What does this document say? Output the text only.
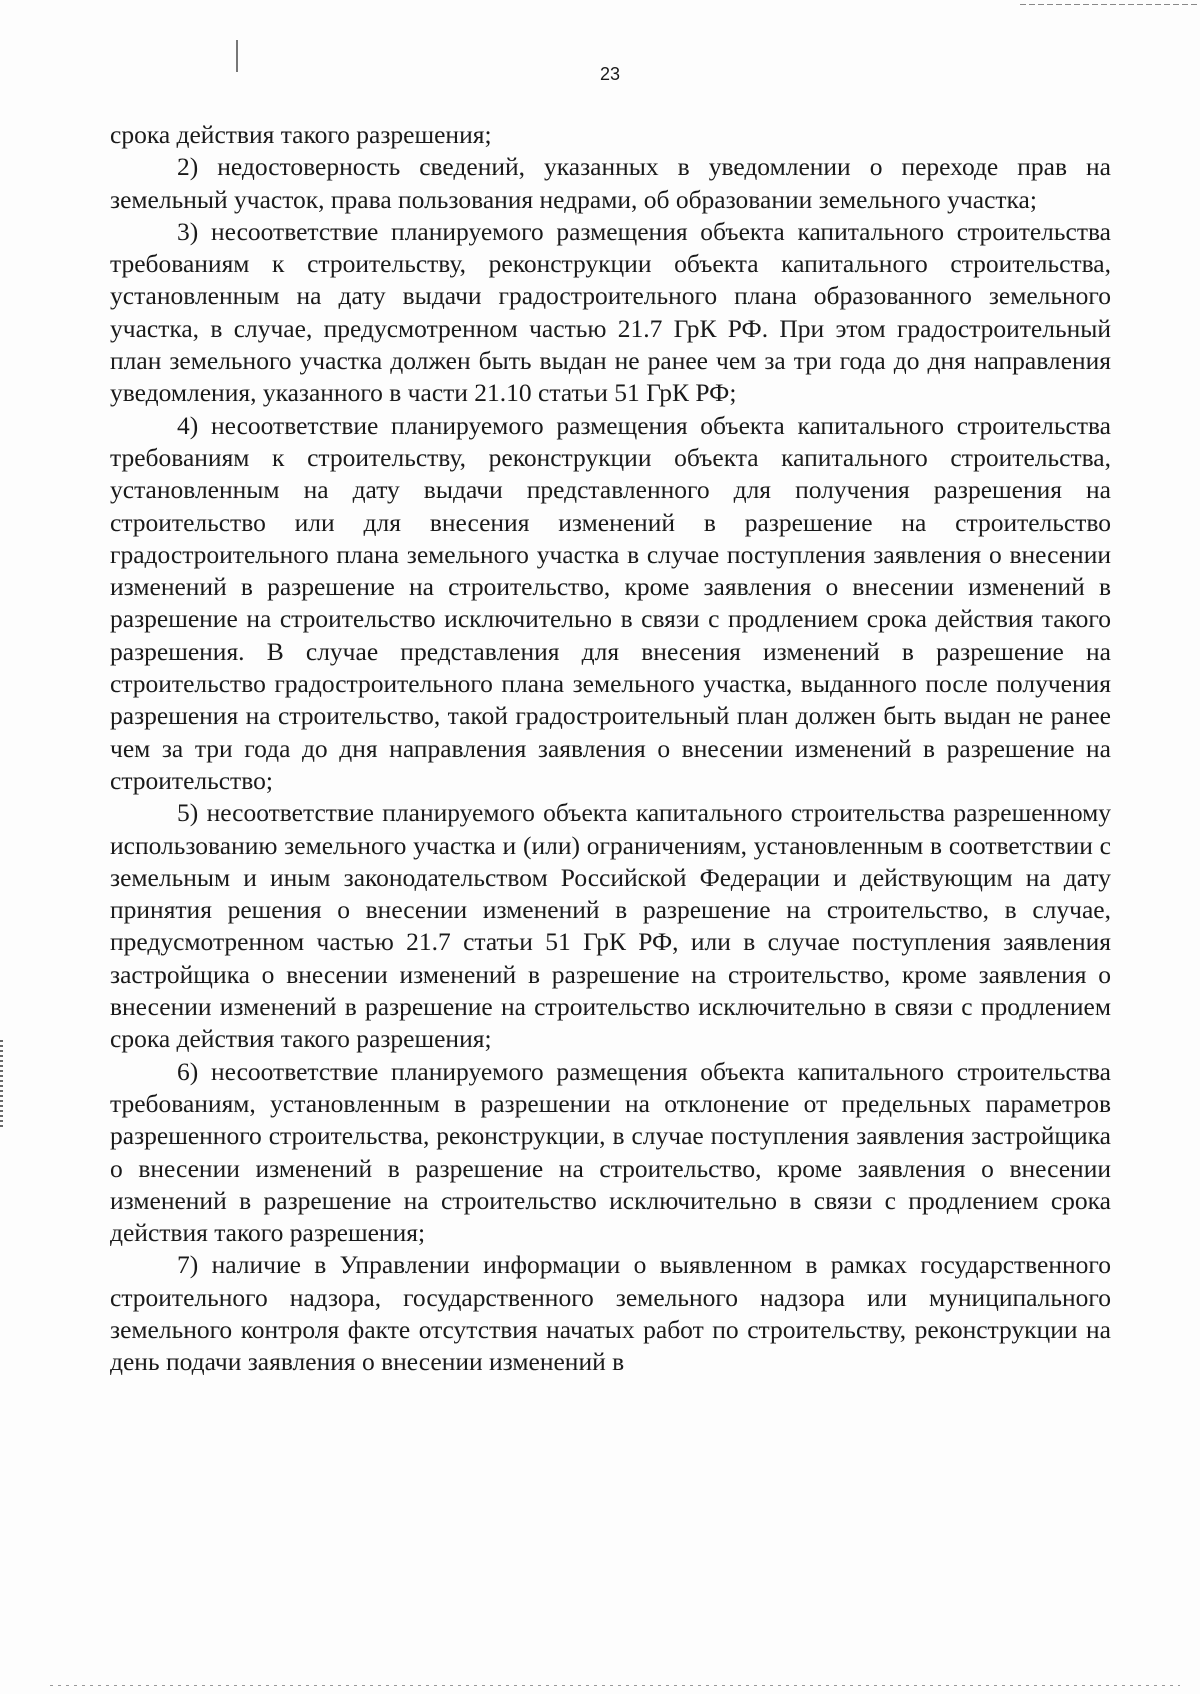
23

срока действия такого разрешения;

2) недостоверность сведений, указанных в уведомлении о переходе прав на земельный участок, права пользования недрами, об образовании земельного участка;

3) несоответствие планируемого размещения объекта капитального строительства требованиям к строительству, реконструкции объекта капитального строительства, установленным на дату выдачи градостроительного плана образованного земельного участка, в случае, предусмотренном частью 21.7 ГрК РФ. При этом градостроительный план земельного участка должен быть выдан не ранее чем за три года до дня направления уведомления, указанного в части 21.10 статьи 51 ГрК РФ;

4) несоответствие планируемого размещения объекта капитального строительства требованиям к строительству, реконструкции объекта капитального строительства, установленным на дату выдачи представленного для получения разрешения на строительство или для внесения изменений в разрешение на строительство градостроительного плана земельного участка в случае поступления заявления о внесении изменений в разрешение на строительство, кроме заявления о внесении изменений в разрешение на строительство исключительно в связи с продлением срока действия такого разрешения. В случае представления для внесения изменений в разрешение на строительство градостроительного плана земельного участка, выданного после получения разрешения на строительство, такой градостроительный план должен быть выдан не ранее чем за три года до дня направления заявления о внесении изменений в разрешение на строительство;

5) несоответствие планируемого объекта капитального строительства разрешенному использованию земельного участка и (или) ограничениям, установленным в соответствии с земельным и иным законодательством Российской Федерации и действующим на дату принятия решения о внесении изменений в разрешение на строительство, в случае, предусмотренном частью 21.7 статьи 51 ГрК РФ, или в случае поступления заявления застройщика о внесении изменений в разрешение на строительство, кроме заявления о внесении изменений в разрешение на строительство исключительно в связи с продлением срока действия такого разрешения;

6) несоответствие планируемого размещения объекта капитального строительства требованиям, установленным в разрешении на отклонение от предельных параметров разрешенного строительства, реконструкции, в случае поступления заявления застройщика о внесении изменений в разрешение на строительство, кроме заявления о внесении изменений в разрешение на строительство исключительно в связи с продлением срока действия такого разрешения;

7) наличие в Управлении информации о выявленном в рамках государственного строительного надзора, государственного земельного надзора или муниципального земельного контроля факте отсутствия начатых работ по строительству, реконструкции на день подачи заявления о внесении изменений в
